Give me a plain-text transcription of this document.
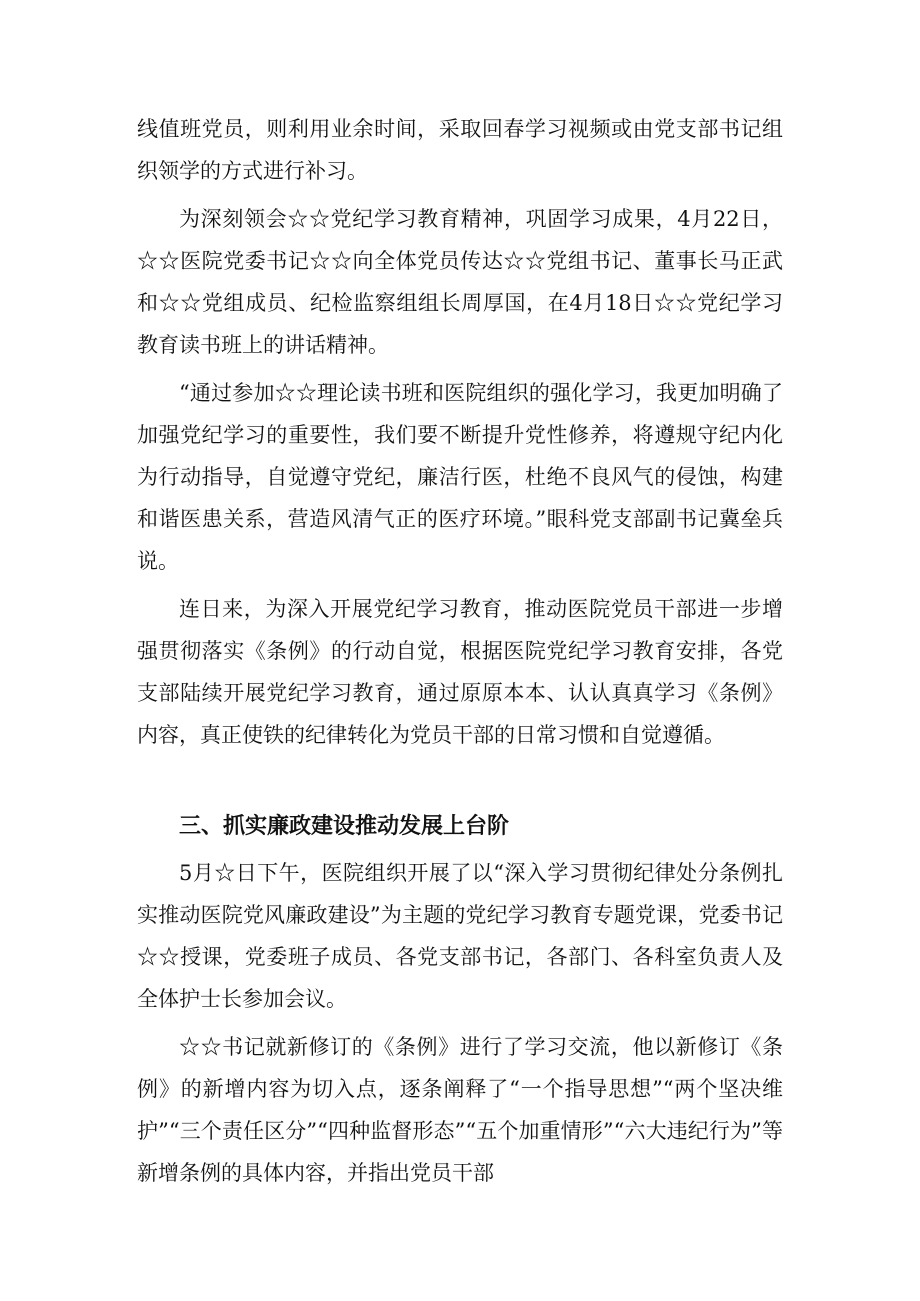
线值班党员，则利用业余时间，采取回春学习视频或由党支部书记组织领学的方式进行补习。

为深刻领会☆☆党纪学习教育精神，巩固学习成果，4月22日，☆☆医院党委书记☆☆向全体党员传达☆☆党组书记、董事长马正武和☆☆党组成员、纪检监察组组长周厚国，在4月18日☆☆党纪学习教育读书班上的讲话精神。

“通过参加☆☆理论读书班和医院组织的强化学习，我更加明确了加强党纪学习的重要性，我们要不断提升党性修养，将遵规守纪内化为行动指导，自觉遵守党纪，廉洁行医，杜绝不良风气的侵蚀，构建和谐医患关系，营造风清气正的医疗环境。”眼科党支部副书记冀垒兵说。

连日来，为深入开展党纪学习教育，推动医院党员干部进一步增强贯彻落实《条例》的行动自觉，根据医院党纪学习教育安排，各党支部陆续开展党纪学习教育，通过原原本本、认认真真学习《条例》内容，真正使铁的纪律转化为党员干部的日常习惯和自觉遵循。

三、抓实廉政建设推动发展上台阶

5月☆日下午，医院组织开展了以“深入学习贯彻纪律处分条例扎实推动医院党风廉政建设”为主题的党纪学习教育专题党课，党委书记☆☆授课，党委班子成员、各党支部书记，各部门、各科室负责人及全体护士长参加会议。

☆☆书记就新修订的《条例》进行了学习交流，他以新修订《条例》的新增内容为切入点，逐条阐释了“一个指导思想”“两个坚决维护”“三个责任区分”“四种监督形态”“五个加重情形”“六大违纪行为”等新增条例的具体内容，并指出党员干部
